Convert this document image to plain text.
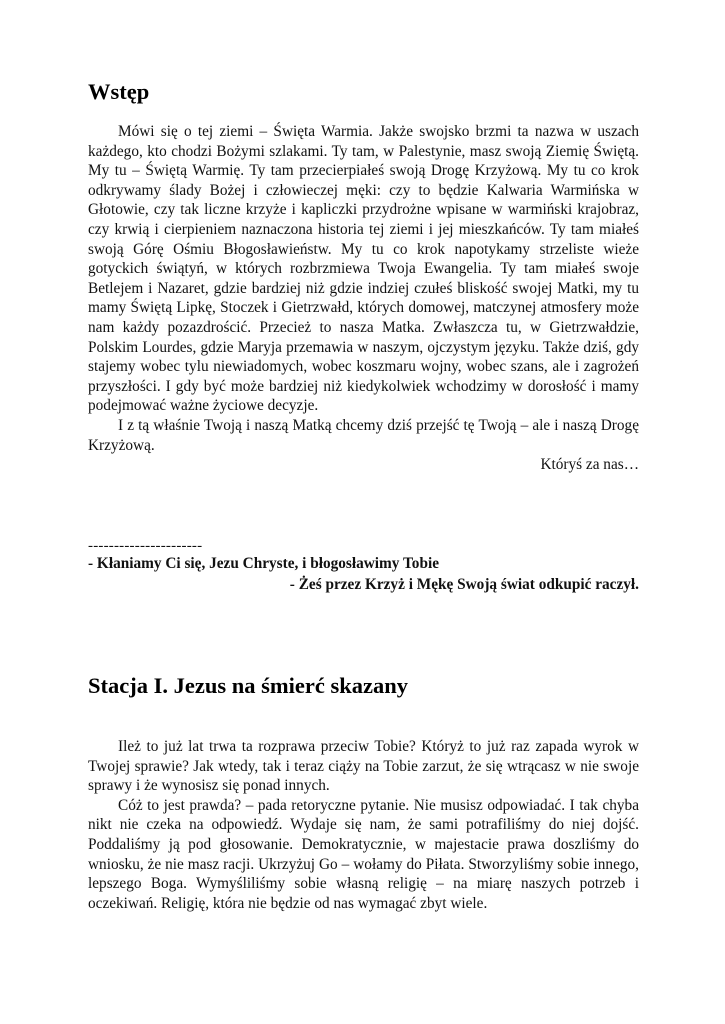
Wstęp

Mówi się o tej ziemi – Święta Warmia. Jakże swojsko brzmi ta nazwa w uszach każdego, kto chodzi Bożymi szlakami. Ty tam, w Palestynie, masz swoją Ziemię Świętą. My tu – Świętą Warmię. Ty tam przecierpiałeś swoją Drogę Krzyżową. My tu co krok odkrywamy ślady Bożej i człowieczej męki: czy to będzie Kalwaria Warmińska w Głotowie, czy tak liczne krzyże i kapliczki przydrożne wpisane w warmiński krajobraz, czy krwią i cierpieniem naznaczona historia tej ziemi i jej mieszkańców. Ty tam miałeś swoją Górę Ośmiu Błogosławieństw. My tu co krok napotykamy strzeliste wieże gotyckich świątyń, w których rozbrzmiewa Twoja Ewangelia. Ty tam miałeś swoje Betlejem i Nazaret, gdzie bardziej niż gdzie indziej czułeś bliskość swojej Matki, my tu mamy Świętą Lipkę, Stoczek i Gietrzwałd, których domowej, matczynej atmosfery może nam każdy pozazdrościć. Przecież to nasza Matka. Zwłaszcza tu, w Gietrzwałdzie, Polskim Lourdes, gdzie Maryja przemawia w naszym, ojczystym języku. Także dziś, gdy stajemy wobec tylu niewiadomych, wobec koszmaru wojny, wobec szans, ale i zagrożeń przyszłości. I gdy być może bardziej niż kiedykolwiek wchodzimy w dorosłość i mamy podejmować ważne życiowe decyzje.

I z tą właśnie Twoją i naszą Matką chcemy dziś przejść tę Twoją – ale i naszą Drogę Krzyżową.

Któryś za nas…

----------------------
- Kłaniamy Ci się, Jezu Chryste, i błogosławimy Tobie
- Żeś przez Krzyż i Mękę Swoją świat odkupić raczył.
Stacja I. Jezus na śmierć skazany

Ileż to już lat trwa ta rozprawa przeciw Tobie? Któryż to już raz zapada wyrok w Twojej sprawie? Jak wtedy, tak i teraz ciąży na Tobie zarzut, że się wtrącasz w nie swoje sprawy i że wynosisz się ponad innych.

Cóż to jest prawda? – pada retoryczne pytanie. Nie musisz odpowiadać. I tak chyba nikt nie czeka na odpowiedź. Wydaje się nam, że sami potrafiliśmy do niej dojść. Poddaliśmy ją pod głosowanie. Demokratycznie, w majestacie prawa doszliśmy do wniosku, że nie masz racji. Ukrzyżuj Go – wołamy do Piłata. Stworzyliśmy sobie innego, lepszego Boga. Wymyśliliśmy sobie własną religię – na miarę naszych potrzeb i oczekiwań. Religię, która nie będzie od nas wymagać zbyt wiele.
